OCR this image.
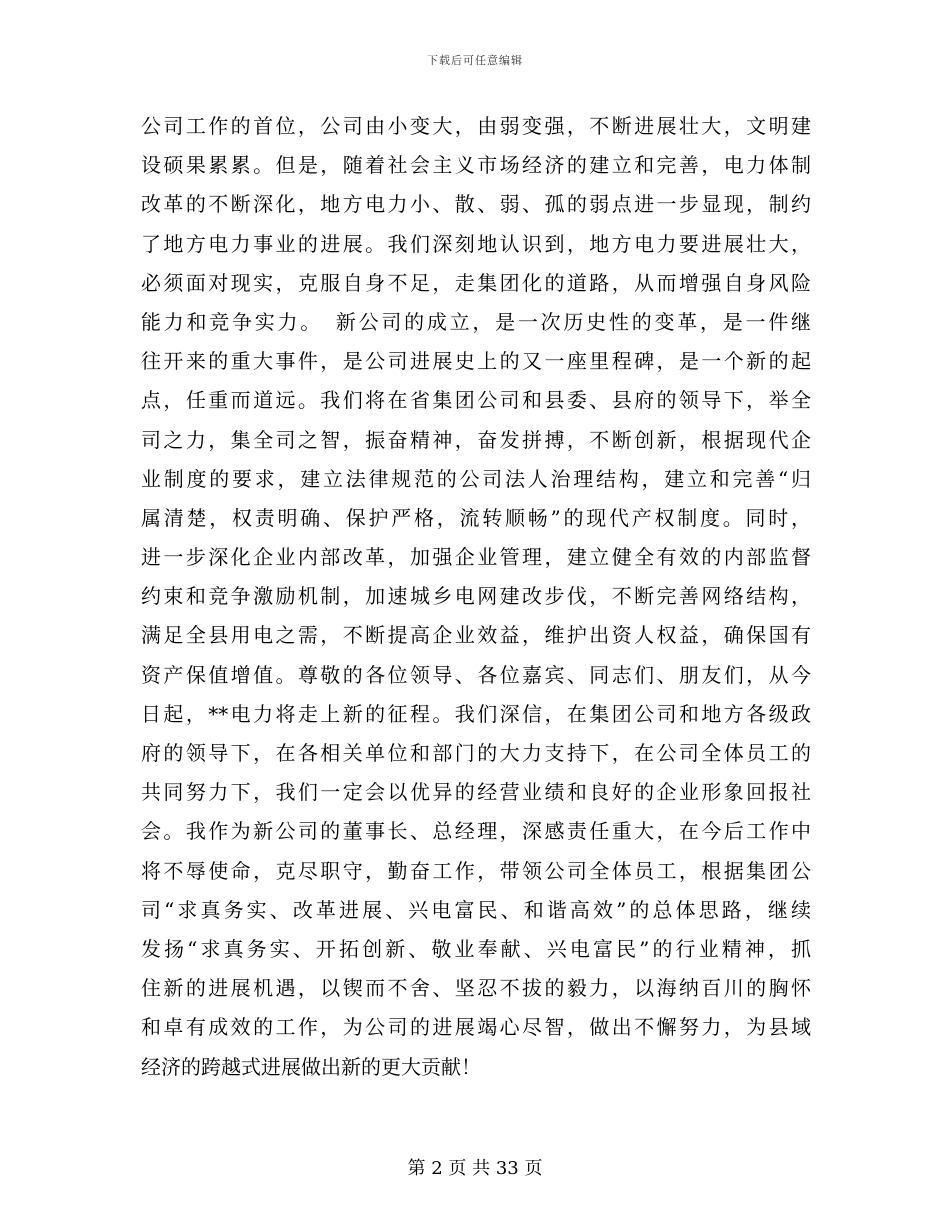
下载后可任意编辑
公司工作的首位，公司由小变大，由弱变强，不断进展壮大，文明建
设硕果累累。但是，随着社会主义市场经济的建立和完善，电力体制
改革的不断深化，地方电力小、散、弱、孤的弱点进一步显现，制约
了地方电力事业的进展。我们深刻地认识到，地方电力要进展壮大，
必须面对现实，克服自身不足，走集团化的道路，从而增强自身风险
能力和竞争实力。　新公司的成立，是一次历史性的变革，是一件继
往开来的重大事件，是公司进展史上的又一座里程碑，是一个新的起
点，任重而道远。我们将在省集团公司和县委、县府的领导下，举全
司之力，集全司之智，振奋精神，奋发拼搏，不断创新，根据现代企
业制度的要求，建立法律规范的公司法人治理结构，建立和完善“归
属清楚，权责明确、保护严格，流转顺畅”的现代产权制度。同时，
进一步深化企业内部改革，加强企业管理，建立健全有效的内部监督
约束和竞争激励机制，加速城乡电网建改步伐，不断完善网络结构，
满足全县用电之需，不断提高企业效益，维护出资人权益，确保国有
资产保值增值。尊敬的各位领导、各位嘉宾、同志们、朋友们，从今
日起，**电力将走上新的征程。我们深信，在集团公司和地方各级政
府的领导下，在各相关单位和部门的大力支持下，在公司全体员工的
共同努力下，我们一定会以优异的经营业绩和良好的企业形象回报社
会。我作为新公司的董事长、总经理，深感责任重大，在今后工作中
将不辱使命，克尽职守，勤奋工作，带领公司全体员工，根据集团公
司“求真务实、改革进展、兴电富民、和谐高效”的总体思路，继续
发扬“求真务实、开拓创新、敬业奉献、兴电富民”的行业精神，抓
住新的进展机遇，以锲而不舍、坚忍不拔的毅力，以海纳百川的胸怀
和卓有成效的工作，为公司的进展竭心尽智，做出不懈努力，为县域
经济的跨越式进展做出新的更大贡献！
第 2 页 共 33 页
